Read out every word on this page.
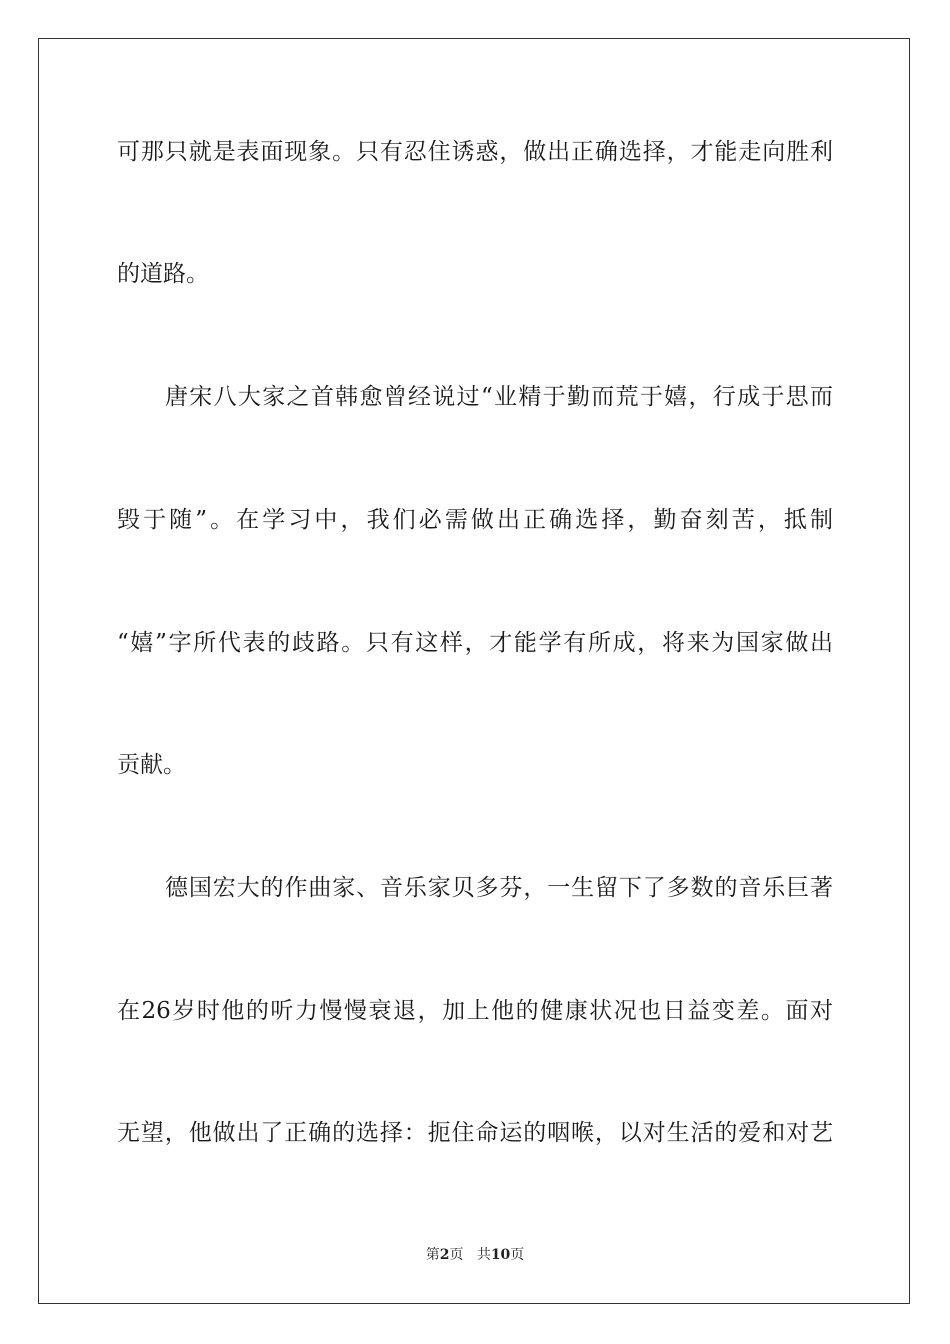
可那只就是表面现象。只有忍住诱惑，做出正确选择，才能走向胜利
的道路。
唐宋八大家之首韩愈曾经说过“业精于勤而荒于嬉，行成于思而
毁于随”。在学习中，我们必需做出正确选择，勤奋刻苦，抵制
“嬉”字所代表的歧路。只有这样，才能学有所成，将来为国家做出
贡献。
德国宏大的作曲家、音乐家贝多芬，一生留下了多数的音乐巨著
在26岁时他的听力慢慢衰退，加上他的健康状况也日益变差。面对
无望，他做出了正确的选择：扼住命运的咽喉，以对生活的爱和对艺
第2页 共10页
